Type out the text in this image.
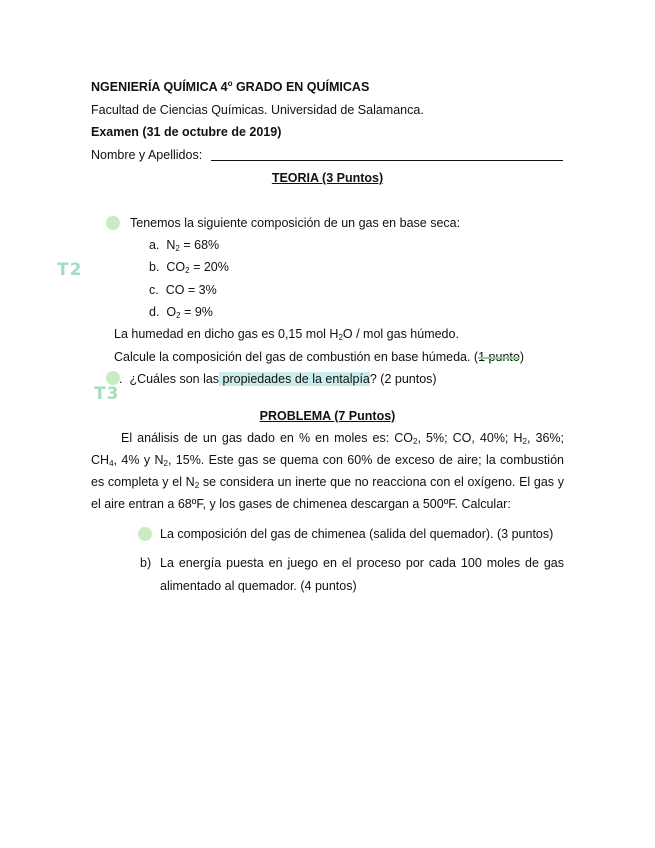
NGENIERÍA QUÍMICA 4$^o$ GRADO EN QUÍMICAS
Facultad de Ciencias Químicas. Universidad de Salamanca.
Examen (31 de octubre de 2019)
Nombre y Apellidos:
TEORIA (3 Puntos)
Tenemos la siguiente composición de un gas en base seca:
T2
a. $N_2 = 68\%$
b. $CO_2 = 20\%$
c. CO = 3%
d. $O_2 = 9\%$
La humedad en dicho gas es 0,15 mol $H_2O$ / mol gas húmedo.
Calcule la composición del gas de combustión en base húmeda. (1 punto)
T3
. ¿Cuáles son las propiedades de la entalpía? (2 puntos)
PROBLEMA (7 Puntos)
El análisis de un gas dado en % en moles es: $CO_2$, 5%; CO, 40%; $H_2$, 36%; $CH_4$, 4% y $N_2$, 15%. Este gas se quema con 60% de exceso de aire; la combustión es completa y el $N_2$ se considera un inerte que no reacciona con el oxígeno. El gas y el aire entran a 68ºF, y los gases de chimenea descargan a 500ºF. Calcular:
La composición del gas de chimenea (salida del quemador). (3 puntos)
b) La energía puesta en juego en el proceso por cada 100 moles de gas
alimentado al quemador. (4 puntos)
